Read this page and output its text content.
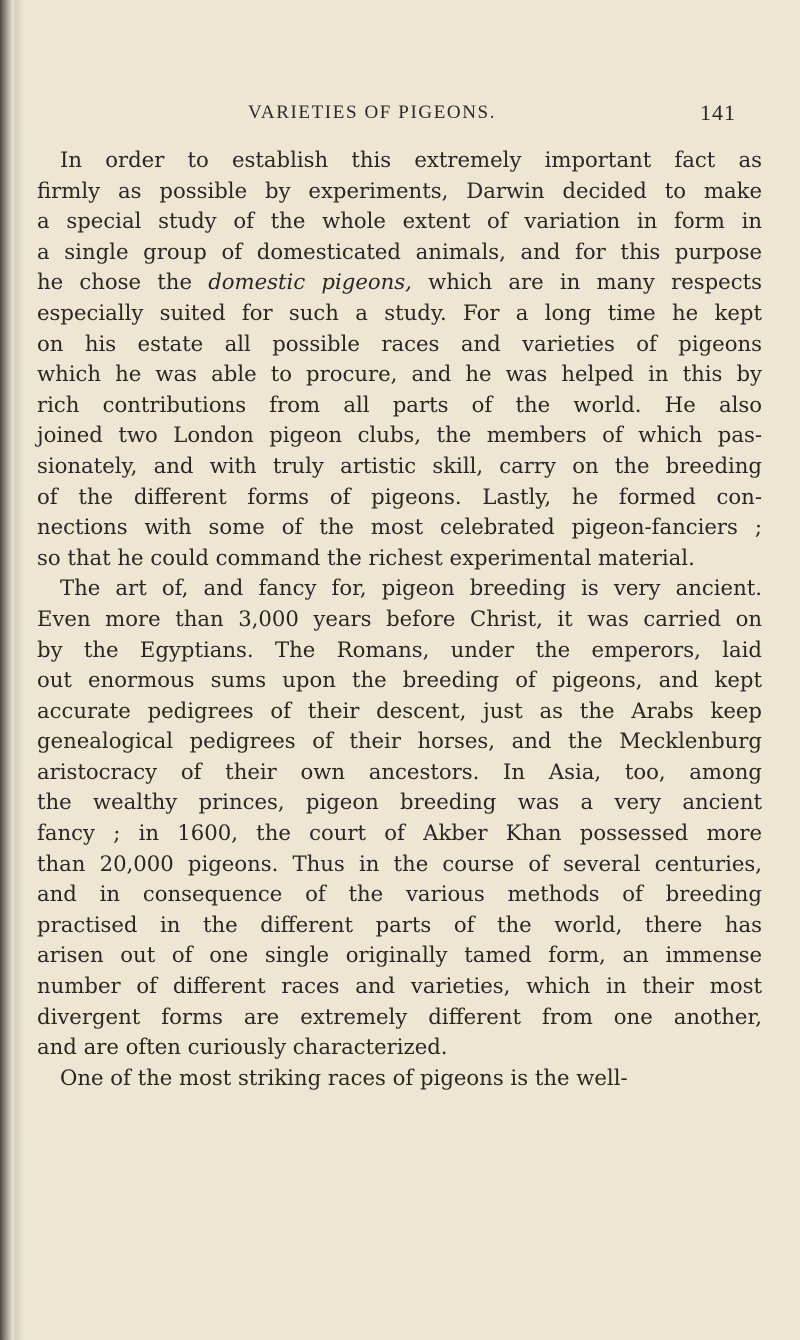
VARIETIES OF PIGEONS.	141
In order to establish this extremely important fact as
firmly as possible by experiments, Darwin decided to make
a special study of the whole extent of variation in form in
a single group of domesticated animals, and for this purpose
he chose the domestic pigeons, which are in many respects
especially suited for such a study. For a long time he kept
on his estate all possible races and varieties of pigeons
which he was able to procure, and he was helped in this by
rich contributions from all parts of the world. He also
joined two London pigeon clubs, the members of which pas-
sionately, and with truly artistic skill, carry on the breeding
of the different forms of pigeons. Lastly, he formed con-
nections with some of the most celebrated pigeon-fanciers ;
so that he could command the richest experimental material.
The art of, and fancy for, pigeon breeding is very ancient.
Even more than 3,000 years before Christ, it was carried on
by the Egyptians. The Romans, under the emperors, laid
out enormous sums upon the breeding of pigeons, and kept
accurate pedigrees of their descent, just as the Arabs keep
genealogical pedigrees of their horses, and the Mecklenburg
aristocracy of their own ancestors. In Asia, too, among
the wealthy princes, pigeon breeding was a very ancient
fancy ; in 1600, the court of Akber Khan possessed more
than 20,000 pigeons. Thus in the course of several centuries,
and in consequence of the various methods of breeding
practised in the different parts of the world, there has
arisen out of one single originally tamed form, an immense
number of different races and varieties, which in their most
divergent forms are extremely different from one another,
and are often curiously characterized.
One of the most striking races of pigeons is the well-
